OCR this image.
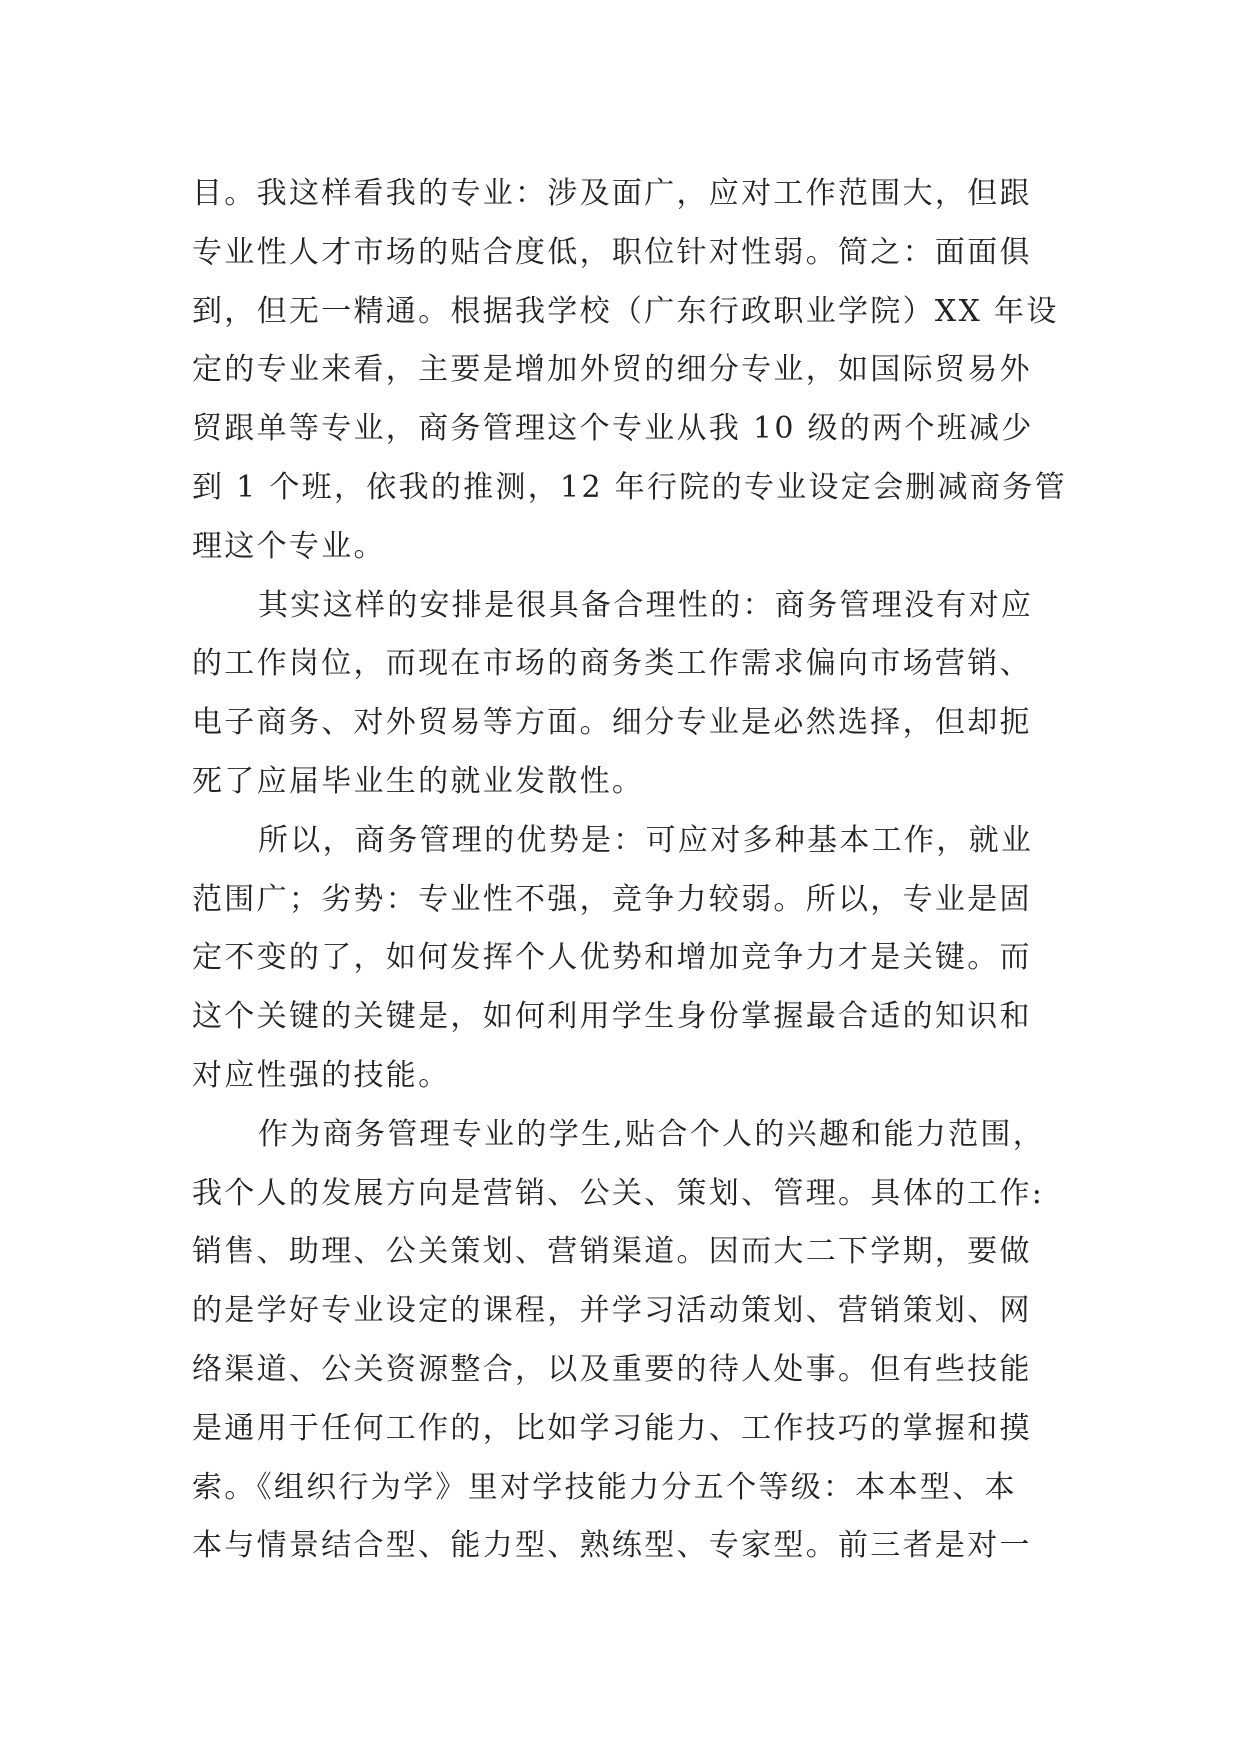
目。我这样看我的专业：涉及面广，应对工作范围大，但跟
专业性人才市场的贴合度低，职位针对性弱。简之：面面俱
到，但无一精通。根据我学校（广东行政职业学院）XX 年设
定的专业来看，主要是增加外贸的细分专业，如国际贸易外
贸跟单等专业，商务管理这个专业从我 10 级的两个班减少
到 1 个班，依我的推测，12 年行院的专业设定会删减商务管
理这个专业。
其实这样的安排是很具备合理性的：商务管理没有对应
的工作岗位，而现在市场的商务类工作需求偏向市场营销、
电子商务、对外贸易等方面。细分专业是必然选择，但却扼
死了应届毕业生的就业发散性。
所以，商务管理的优势是：可应对多种基本工作，就业
范围广；劣势：专业性不强，竞争力较弱。所以，专业是固
定不变的了，如何发挥个人优势和增加竞争力才是关键。而
这个关键的关键是，如何利用学生身份掌握最合适的知识和
对应性强的技能。
作为商务管理专业的学生,贴合个人的兴趣和能力范围，
我个人的发展方向是营销、公关、策划、管理。具体的工作:
销售、助理、公关策划、营销渠道。因而大二下学期，要做
的是学好专业设定的课程，并学习活动策划、营销策划、网
络渠道、公关资源整合，以及重要的待人处事。但有些技能
是通用于任何工作的，比如学习能力、工作技巧的掌握和摸
索。《组织行为学》里对学技能力分五个等级：本本型、本
本与情景结合型、能力型、熟练型、专家型。前三者是对一
